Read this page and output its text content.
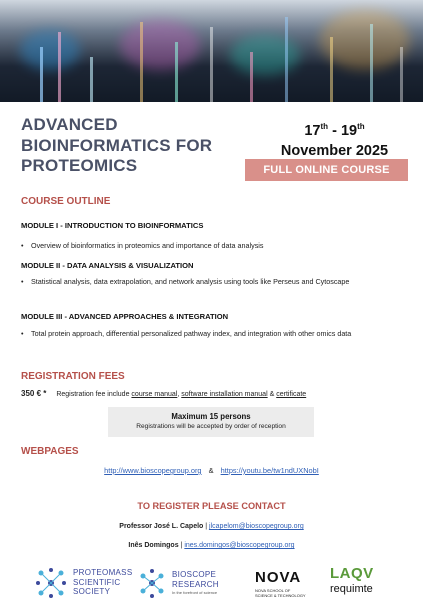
ADVANCED
BIOINFORMATICS FOR
PROTEOMICS
17th - 19th
November 2025
FULL ONLINE COURSE
COURSE OUTLINE
MODULE I - INTRODUCTION TO BIOINFORMATICS
•	Overview of bioinformatics in proteomics and importance of data analysis
MODULE II - DATA ANALYSIS & VISUALIZATION
•	Statistical analysis, data extrapolation, and network analysis using tools like Perseus and Cytoscape
MODULE III - ADVANCED APPROACHES & INTEGRATION
•	Total protein approach, differential personalized pathway index, and integration with other omics data
REGISTRATION FEES
350 € * Registration fee include course manual, software installation manual & certificate
Maximum 15 persons
Registrations will be accepted by order of reception
WEBPAGES
http://www.bioscopegroup.org & https://youtu.be/tw1ndUXNobI
TO REGISTER PLEASE CONTACT
Professor José L. Capelo | jlcapelom@bioscopegroup.org
Inês Domingos | ines.domingos@bioscopegroup.org
PROTEOMASS
SCIENTIFIC
SOCIETY
BIOSCOPE
RESEARCH
In the forefront of science
NOVA
NOVA SCHOOL OF
SCIENCE & TECHNOLOGY
LAQV
requimte
